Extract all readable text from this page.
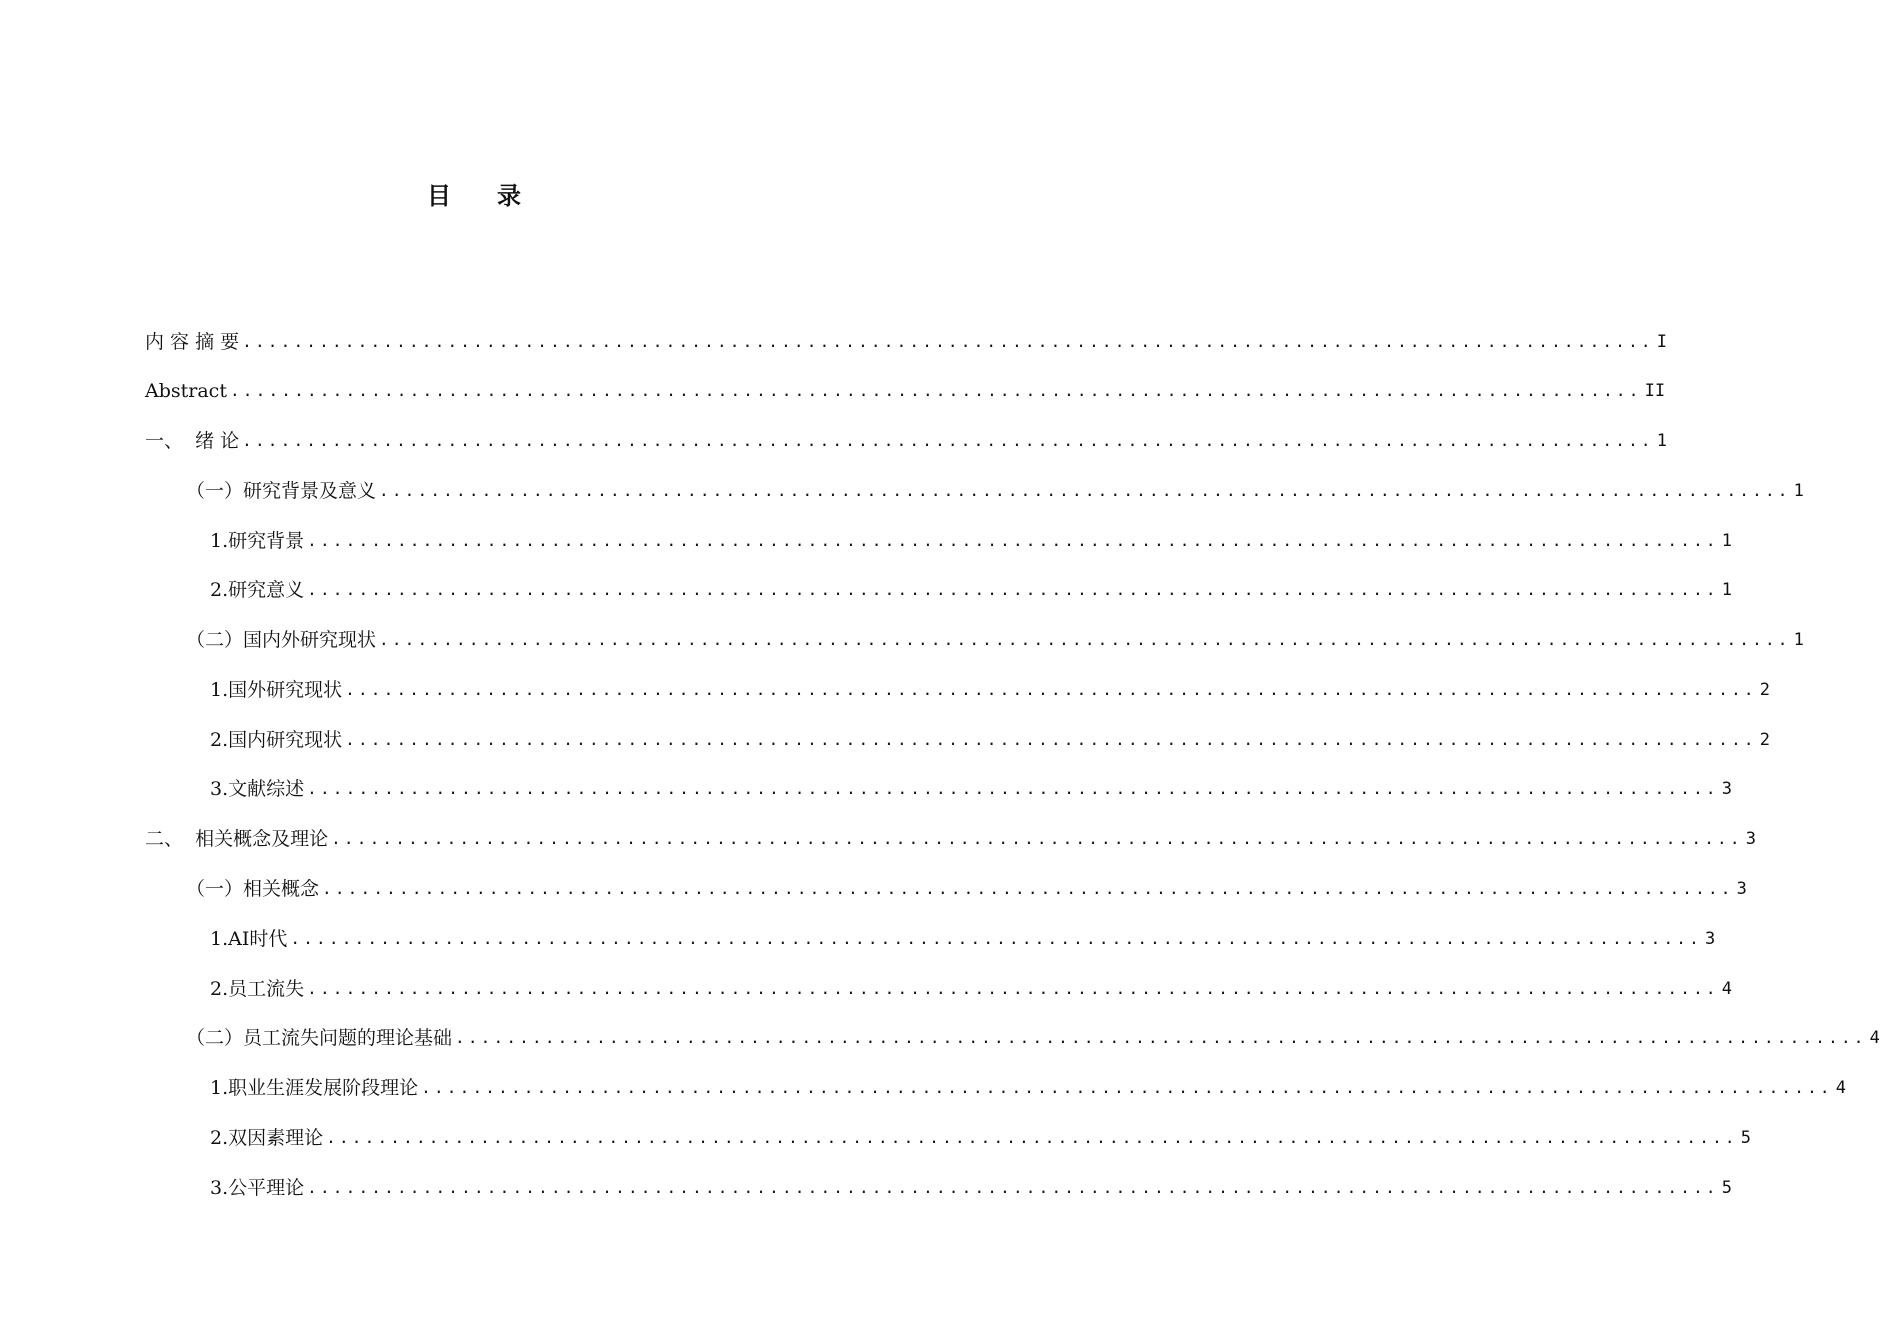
目 录
内 容 摘 要 .............................................................................................................. I
Abstract .............................................................................................................. II
一、  绪 论 .............................................................................................................. 1
（一）研究背景及意义 .............................................................................................................. 1
1.研究背景 .............................................................................................................. 1
2.研究意义 .............................................................................................................. 1
（二）国内外研究现状 .............................................................................................................. 1
1.国外研究现状 .............................................................................................................. 2
2.国内研究现状 .............................................................................................................. 2
3.文献综述 .............................................................................................................. 3
二、  相关概念及理论 .............................................................................................................. 3
（一）相关概念 .............................................................................................................. 3
1.AI时代 .............................................................................................................. 3
2.员工流失 .............................................................................................................. 4
（二）员工流失问题的理论基础 .............................................................................................................. 4
1.职业生涯发展阶段理论 .............................................................................................................. 4
2.双因素理论 .............................................................................................................. 5
3.公平理论 .............................................................................................................. 5
